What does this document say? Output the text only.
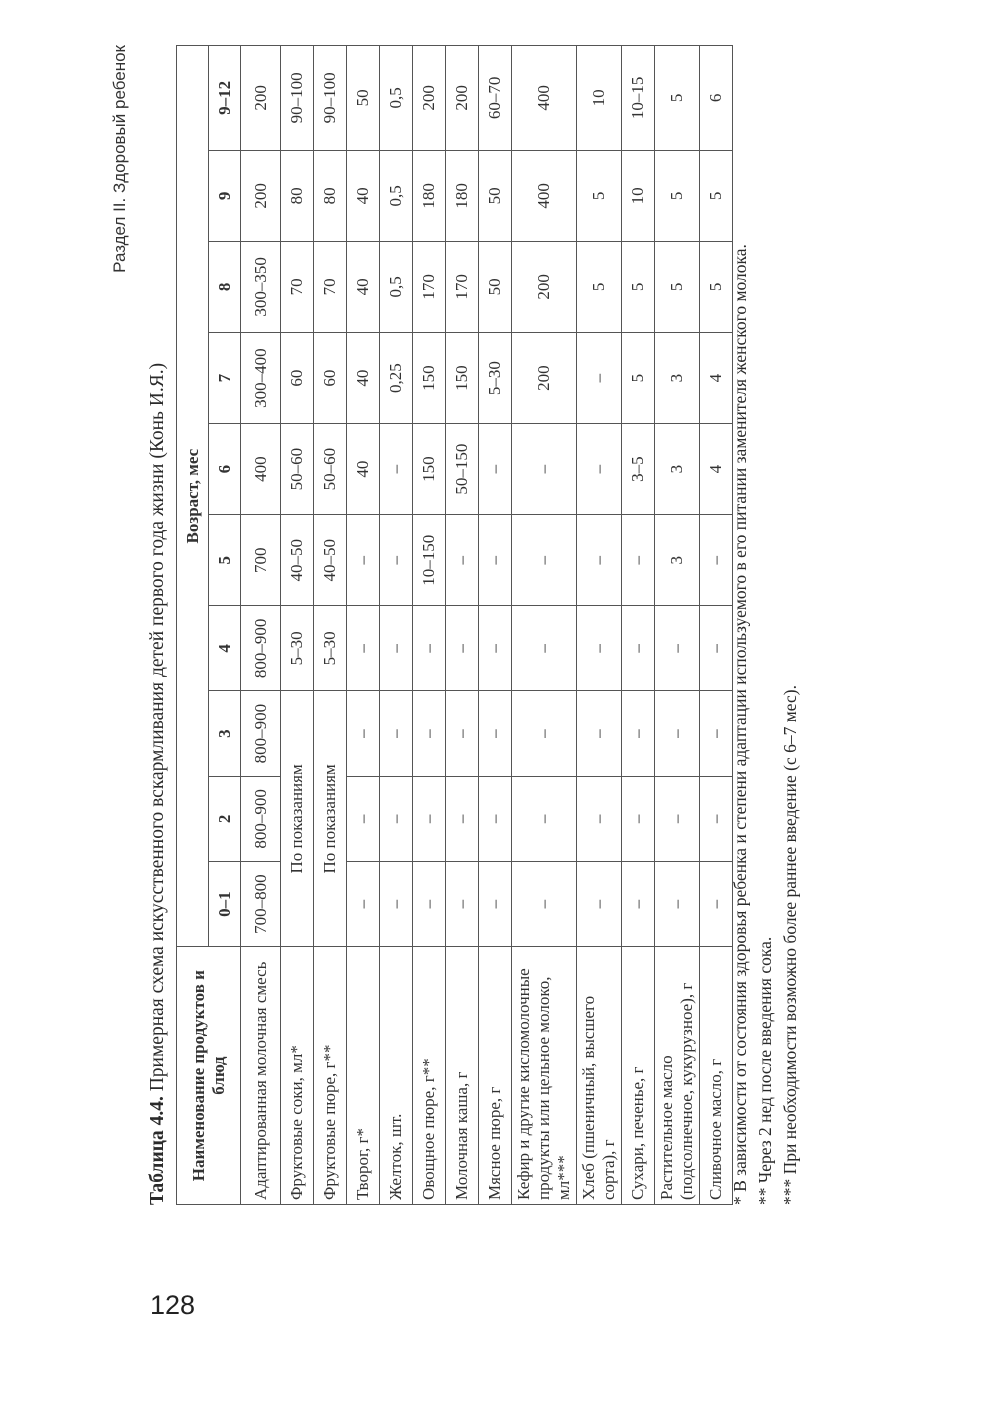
128
Раздел II. Здоровый ребенок
Таблица 4.4. Примерная схема искусственного вскармливания детей первого года жизни (Конь И.Я.) Наименование продуктов и блюд	Возраст, мес									
	0–1	2	3	4	5	6	7	8	9	9–12
Адаптированная молочная смесь	700–800	800–900	800–900	800–900	700	400	300–400	300–350	200	200
Фруктовые соки, мл*	По показаниям			5–30	40–50	50–60	60	70	80	90–100
Фруктовые пюре, г**	По показаниям			5–30	40–50	50–60	60	70	80	90–100
Творог, г*	–	–	–	–	–	40	40	40	40	50
Желток, шт.	–	–	–	–	–	–	0,25	0,5	0,5	0,5
Овощное пюре, г**	–	–	–	–	10–150	150	150	170	180	200
Молочная каша, г	–	–	–	–	–	50–150	150	170	180	200
Мясное пюре, г	–	–	–	–	–	–	5–30	50	50	60–70
Кефир и другие кисломолочные продукты или цельное молоко, мл***	–	–	–	–	–	–	200	200	400	400
Хлеб (пшеничный, высшего сорта), г	–	–	–	–	–	–	–	5	5	10
Сухари, печенье, г	–	–	–	–	–	3–5	5	5	10	10–15
Растительное масло (подсолнечное, кукурузное), г	–	–	–	–	3	3	3	5	5	5
Сливочное масло, г	–	–	–	–	–	4	4	5	5	6

* В зависимости от состояния здоровья ребенка и степени адаптации используемого в его питании заменителя женского молока. ** Через 2 нед после введения сока. *** При необходимости возможно более раннее введение (с 6–7 мес).
